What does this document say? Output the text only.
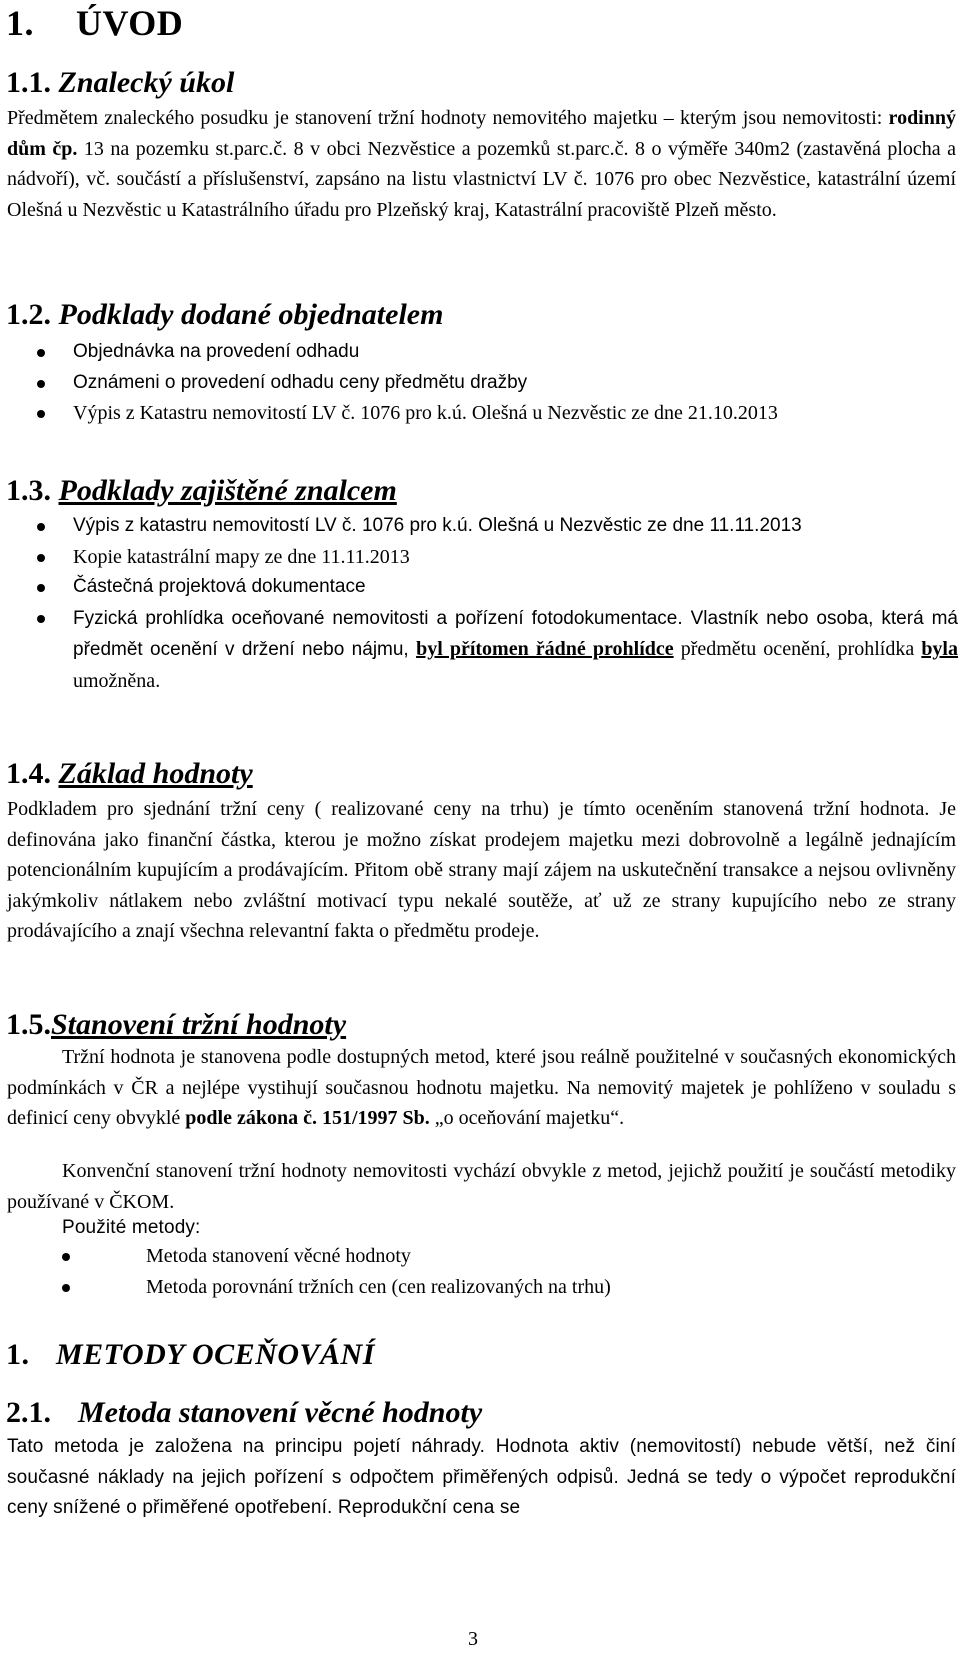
1. ÚVOD
1.1. Znalecký úkol

Předmětem znaleckého posudku je stanovení tržní hodnoty nemovitého majetku – kterým jsou nemovitosti: rodinný dům čp. 13 na pozemku st.parc.č. 8 v obci Nezvěstice a pozemků st.parc.č. 8 o výměře 340m2 (zastavěná plocha a nádvoří), vč. součástí a příslušenství, zapsáno na listu vlastnictví LV č. 1076 pro obec Nezvěstice, katastrální území Olešná u Nezvěstic u Katastrálního úřadu pro Plzeňský kraj, Katastrální pracoviště Plzeň město.

1.2. Podklady dodané objednatelem
Objednávka na provedení odhadu
Oznámeni o provedení odhadu ceny předmětu dražby
Výpis z Katastru nemovitostí LV č. 1076 pro k.ú. Olešná u Nezvěstic ze dne 21.10.2013
1.3. Podklady zajištěné znalcem
Výpis z katastru nemovitostí LV č. 1076 pro k.ú. Olešná u Nezvěstic ze dne 11.11.2013
Kopie katastrální mapy ze dne 11.11.2013
Částečná projektová dokumentace
Fyzická prohlídka oceňované nemovitosti a pořízení fotodokumentace. Vlastník nebo osoba, která má předmět ocenění v držení nebo nájmu, byl přítomen řádné prohlídce předmětu ocenění, prohlídka byla umožněna.
1.4. Základ hodnoty

Podkladem pro sjednání tržní ceny ( realizované ceny na trhu) je tímto oceněním stanovená tržní hodnota. Je definována jako finanční částka, kterou je možno získat prodejem majetku mezi dobrovolně a legálně jednajícím potencionálním kupujícím a prodávajícím. Přitom obě strany mají zájem na uskutečnění transakce a nejsou ovlivněny jakýmkoliv nátlakem nebo zvláštní motivací typu nekalé soutěže, ať už ze strany kupujícího nebo ze strany prodávajícího a znají všechna relevantní fakta o předmětu prodeje.

1.5.Stanovení tržní hodnoty

Tržní hodnota je stanovena podle dostupných metod, které jsou reálně použitelné v současných ekonomických podmínkách v ČR a nejlépe vystihují současnou hodnotu majetku. Na nemovitý majetek je pohlíženo v souladu s definicí ceny obvyklé podle zákona č. 151/1997 Sb. „o oceňování majetku“.

Konvenční stanovení tržní hodnoty nemovitosti vychází obvykle z metod, jejichž použití je součástí metodiky používané v ČKOM.

Použité metody:

Metoda stanovení věcné hodnoty
Metoda porovnání tržních cen (cen realizovaných na trhu)
1. METODY OCEŇOVÁNÍ
2.1. Metoda stanovení věcné hodnoty

Tato metoda je založena na principu pojetí náhrady. Hodnota aktiv (nemovitostí) nebude větší, než činí současné náklady na jejich pořízení s odpočtem přiměřených odpisů. Jedná se tedy o výpočet reprodukční ceny snížené o přiměřené opotřebení. Reprodukční cena se

3
